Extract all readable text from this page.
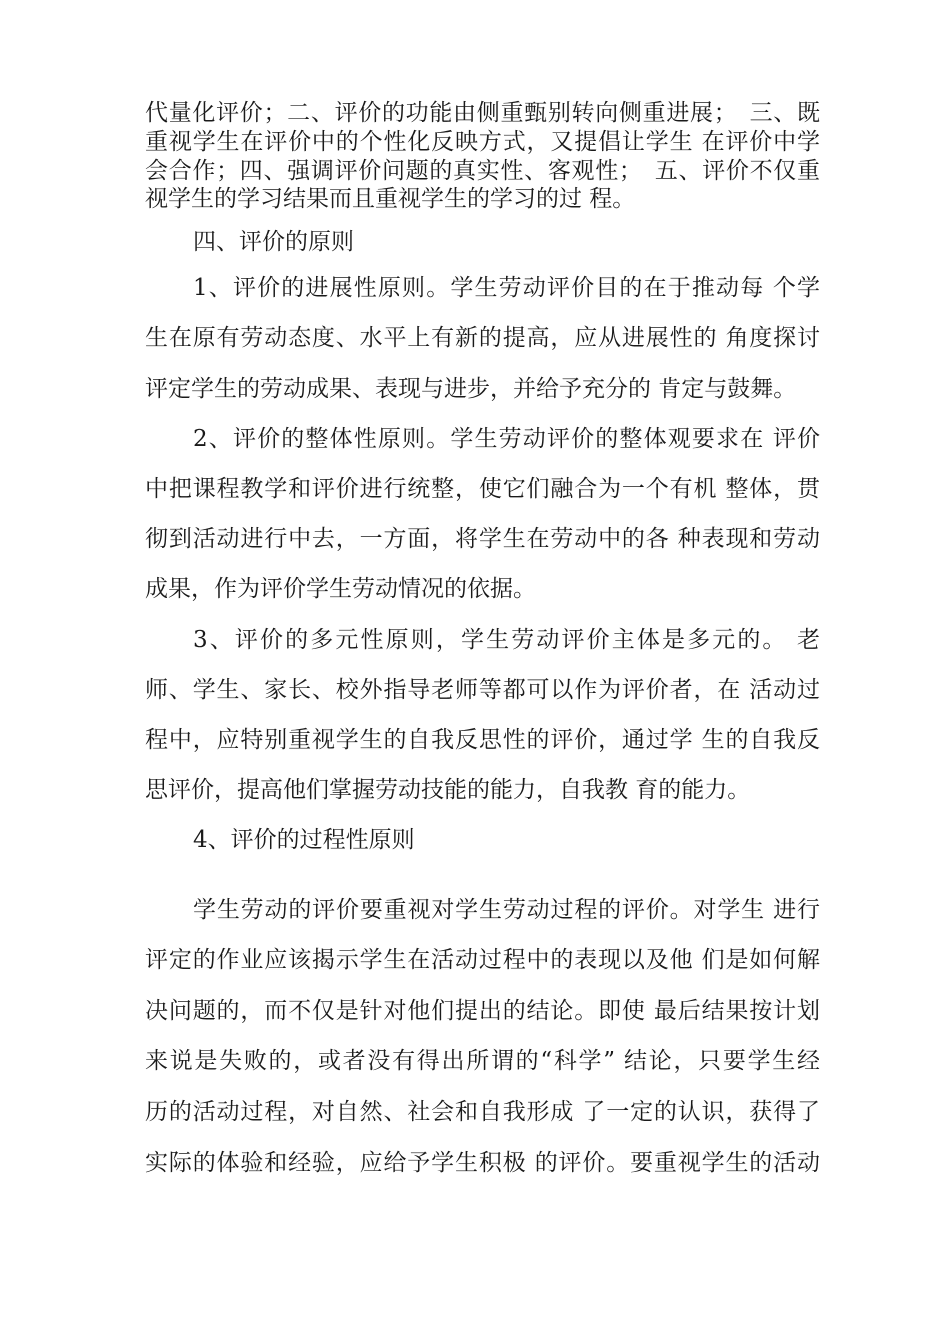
代量化评价；二、评价的功能由侧重甄别转向侧重进展；　三、既
重视学生在评价中的个性化反映方式，又提倡让学生 在评价中学
会合作；四、强调评价问题的真实性、客观性；　五、评价不仅重
视学生的学习结果而且重视学生的学习的过 程。
四、评价的原则
1、评价的进展性原则。学生劳动评价目的在于推动每 个学
生在原有劳动态度、水平上有新的提高，应从进展性的 角度探讨
评定学生的劳动成果、表现与进步，并给予充分的 肯定与鼓舞。
2、评价的整体性原则。学生劳动评价的整体观要求在 评价
中把课程教学和评价进行统整，使它们融合为一个有机 整体，贯
彻到活动进行中去，一方面，将学生在劳动中的各 种表现和劳动
成果，作为评价学生劳动情况的依据。
3、评价的多元性原则，学生劳动评价主体是多元的。 老
师、学生、家长、校外指导老师等都可以作为评价者，在 活动过
程中，应特别重视学生的自我反思性的评价，通过学 生的自我反
思评价，提高他们掌握劳动技能的能力，自我教 育的能力。
4、评价的过程性原则
学生劳动的评价要重视对学生劳动过程的评价。对学生 进行
评定的作业应该揭示学生在活动过程中的表现以及他 们是如何解
决问题的，而不仅是针对他们提出的结论。即使 最后结果按计划
来说是失败的，或者没有得出所谓的“科学” 结论，只要学生经
历的活动过程，对自然、社会和自我形成 了一定的认识，获得了
实际的体验和经验，应给予学生积极 的评价。要重视学生的活动
